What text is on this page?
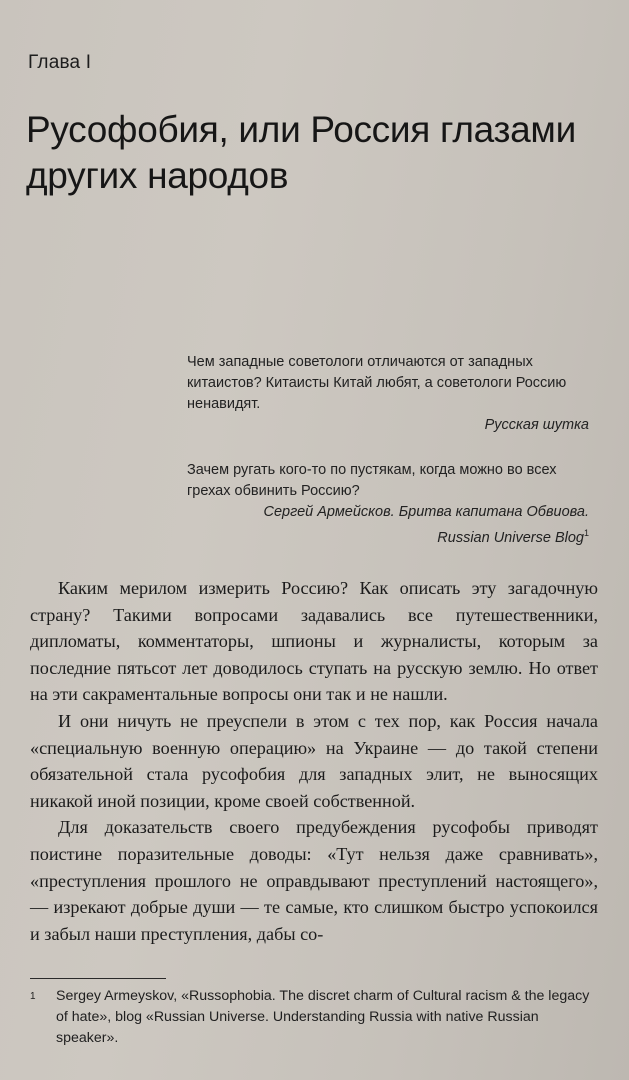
Глава I
Русофобия, или Россия глазами других народов
Чем западные советологи отличаются от западных китаистов? Китаисты Китай любят, а советологи Россию ненавидят.
Русская шутка
Зачем ругать кого-то по пустякам, когда можно во всех грехах обвинить Россию?
Сергей Армейсков. Бритва капитана Обвиова.
Russian Universe Blog$^1$

Каким мерилом измерить Россию? Как описать эту загадочную страну? Такими вопросами задавались все путешественники, дипломаты, комментаторы, шпионы и журналисты, которым за последние пятьсот лет доводилось ступать на русскую землю. Но ответ на эти сакраментальные вопросы они так и не нашли.

И они ничуть не преуспели в этом с тех пор, как Россия начала «специальную военную операцию» на Украине — до такой степени обязательной стала русофобия для западных элит, не выносящих никакой иной позиции, кроме своей собственной.

Для доказательств своего предубеждения русофобы приводят поистине поразительные доводы: «Тут нельзя даже сравнивать», «преступления прошлого не оправдывают преступлений настоящего», — изрекают добрые души — те самые, кто слишком быстро успокоился и забыл наши преступления, дабы со-

1 Sergey Armeyskov, «Russophobia. The discret charm of Cultural racism & the legacy of hate», blog «Russian Universe. Understanding Russia with native Russian speaker».
